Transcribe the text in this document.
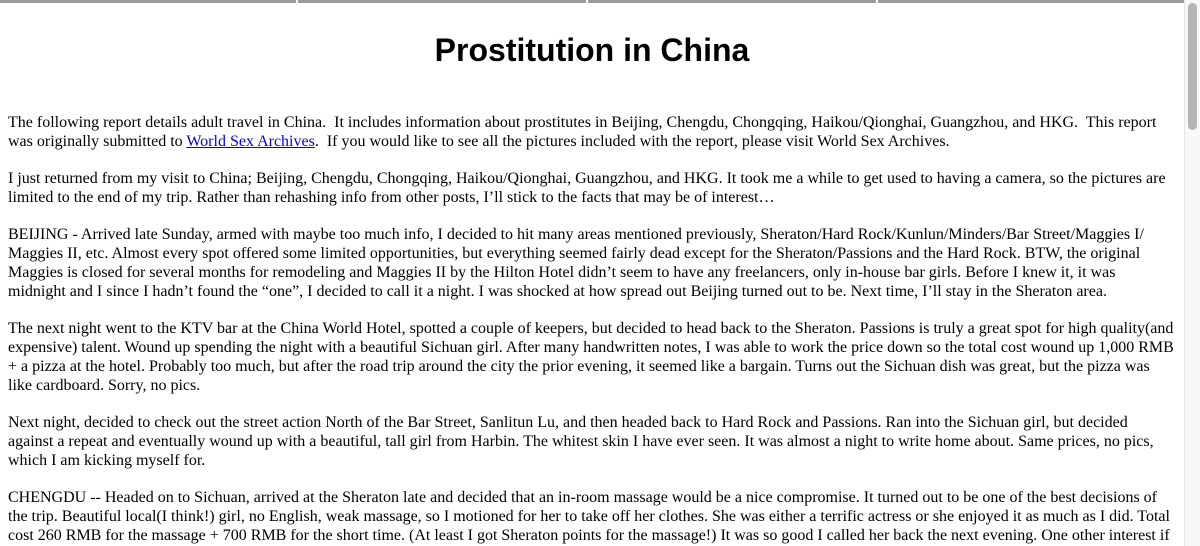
Prostitution in China

The following report details adult travel in China.  It includes information about prostitutes in Beijing, Chengdu, Chongqing, Haikou/Qionghai, Guangzhou, and HKG.  This report was originally submitted to World Sex Archives.  If you would like to see all the pictures included with the report, please visit World Sex Archives.

I just returned from my visit to China; Beijing, Chengdu, Chongqing, Haikou/Qionghai, Guangzhou, and HKG. It took me a while to get used to having a camera, so the pictures are limited to the end of my trip. Rather than rehashing info from other posts, I’ll stick to the facts that may be of interest…

BEIJING - Arrived late Sunday, armed with maybe too much info, I decided to hit many areas mentioned previously, Sheraton/Hard Rock/Kunlun/Minders/Bar Street/Maggies I/ Maggies II, etc. Almost every spot offered some limited opportunities, but everything seemed fairly dead except for the Sheraton/Passions and the Hard Rock. BTW, the original Maggies is closed for several months for remodeling and Maggies II by the Hilton Hotel didn’t seem to have any freelancers, only in-house bar girls. Before I knew it, it was midnight and I since I hadn’t found the “one”, I decided to call it a night. I was shocked at how spread out Beijing turned out to be. Next time, I’ll stay in the Sheraton area.

The next night went to the KTV bar at the China World Hotel, spotted a couple of keepers, but decided to head back to the Sheraton. Passions is truly a great spot for high quality(and expensive) talent. Wound up spending the night with a beautiful Sichuan girl. After many handwritten notes, I was able to work the price down so the total cost wound up 1,000 RMB + a pizza at the hotel. Probably too much, but after the road trip around the city the prior evening, it seemed like a bargain. Turns out the Sichuan dish was great, but the pizza was like cardboard. Sorry, no pics.

Next night, decided to check out the street action North of the Bar Street, Sanlitun Lu, and then headed back to Hard Rock and Passions. Ran into the Sichuan girl, but decided against a repeat and eventually wound up with a beautiful, tall girl from Harbin. The whitest skin I have ever seen. It was almost a night to write home about. Same prices, no pics, which I am kicking myself for.

CHENGDU -- Headed on to Sichuan, arrived at the Sheraton late and decided that an in-room massage would be a nice compromise. It turned out to be one of the best decisions of the trip. Beautiful local(I think!) girl, no English, weak massage, so I motioned for her to take off her clothes. She was either a terrific actress or she enjoyed it as much as I did. Total cost 260 RMB for the massage + 700 RMB for the short time. (At least I got Sheraton points for the massage!) It was so good I called her back the next evening. One other interest if
